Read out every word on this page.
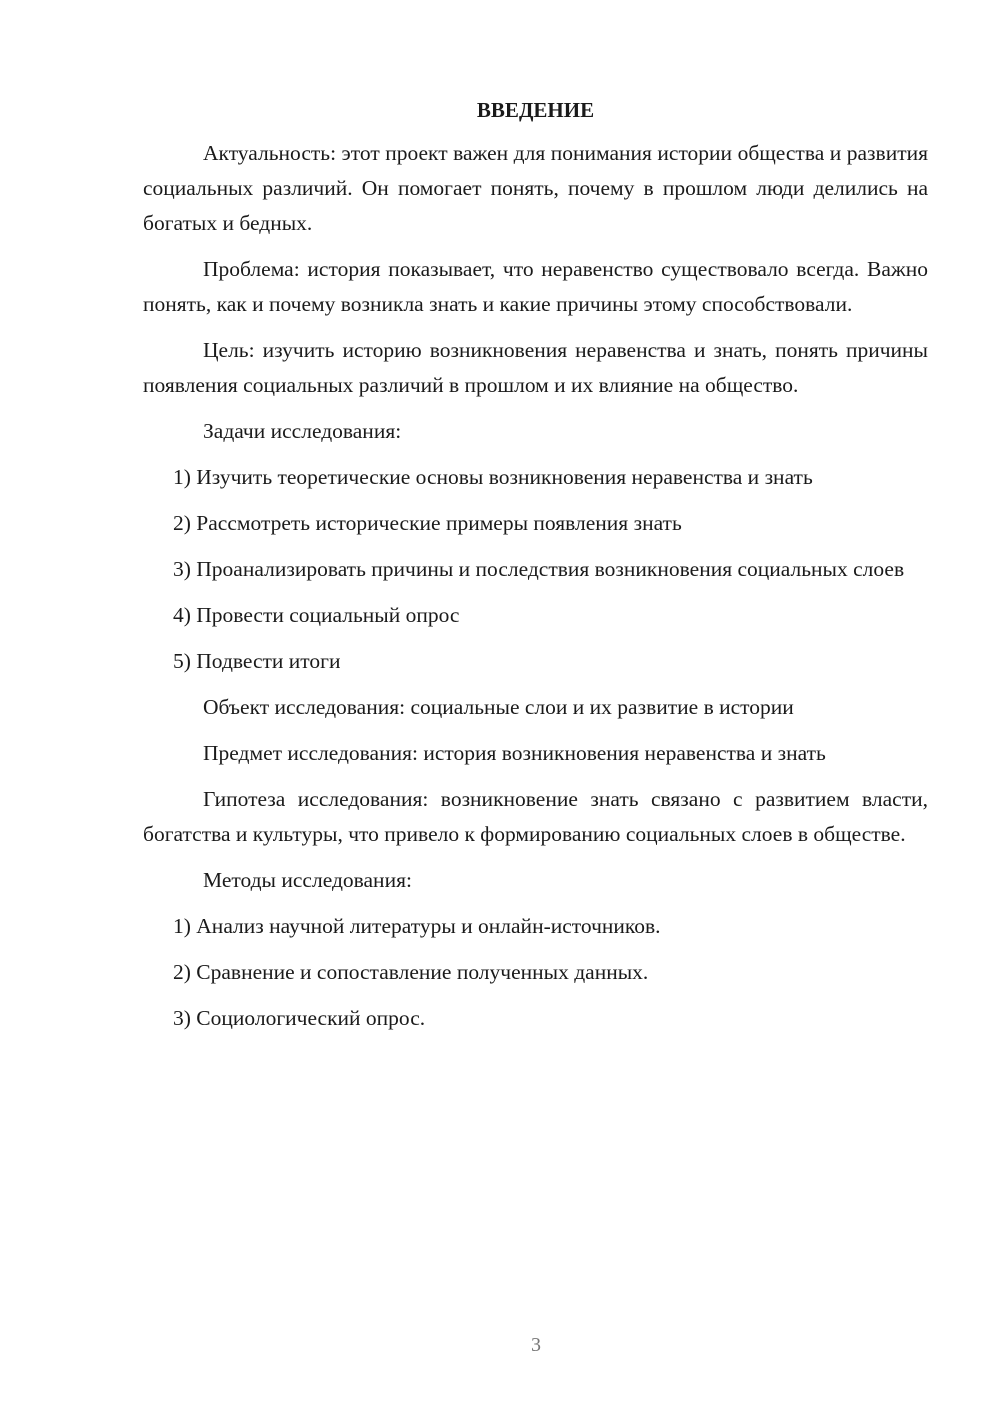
ВВЕДЕНИЕ
Актуальность: этот проект важен для понимания истории общества и развития социальных различий. Он помогает понять, почему в прошлом люди делились на богатых и бедных.
Проблема: история показывает, что неравенство существовало всегда. Важно понять, как и почему возникла знать и какие причины этому способствовали.
Цель: изучить историю возникновения неравенства и знать, понять причины появления социальных различий в прошлом и их влияние на общество.
Задачи исследования:
1) Изучить теоретические основы возникновения неравенства и знать
2) Рассмотреть исторические примеры появления знать
3) Проанализировать причины и последствия возникновения социальных слоев
4) Провести социальный опрос
5) Подвести итоги
Объект исследования: социальные слои и их развитие в истории
Предмет исследования: история возникновения неравенства и знать
Гипотеза исследования: возникновение знать связано с развитием власти, богатства и культуры, что привело к формированию социальных слоев в обществе.
Методы исследования:
1) Анализ научной литературы и онлайн-источников.
2) Сравнение и сопоставление полученных данных.
3) Социологический опрос.
3
